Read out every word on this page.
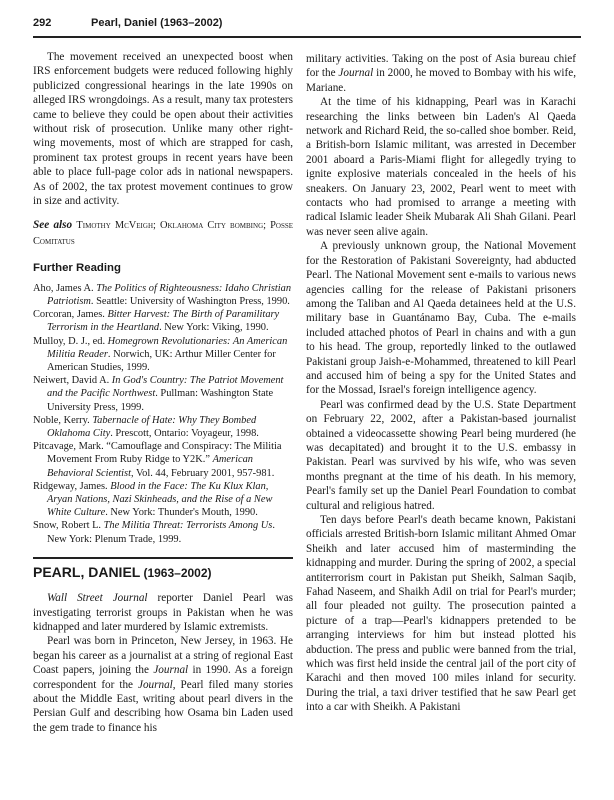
292	Pearl, Daniel (1963–2002)

The movement received an unexpected boost when IRS enforcement budgets were reduced following highly publicized congressional hearings in the late 1990s on alleged IRS wrongdoings. As a result, many tax protesters came to believe they could be open about their activities without risk of prosecution. Unlike many other right-wing movements, most of which are strapped for cash, prominent tax protest groups in recent years have been able to place full-page color ads in national newspapers. As of 2002, the tax protest movement continues to grow in size and activity.

See also Timothy McVeigh; Oklahoma City bombing; Posse Comitatus

Further Reading
Aho, James A. The Politics of Righteousness: Idaho Christian Patriotism. Seattle: University of Washington Press, 1990.
Corcoran, James. Bitter Harvest: The Birth of Paramilitary Terrorism in the Heartland. New York: Viking, 1990.
Mulloy, D. J., ed. Homegrown Revolutionaries: An American Militia Reader. Norwich, UK: Arthur Miller Center for American Studies, 1999.
Neiwert, David A. In God's Country: The Patriot Movement and the Pacific Northwest. Pullman: Washington State University Press, 1999.
Noble, Kerry. Tabernacle of Hate: Why They Bombed Oklahoma City. Prescott, Ontario: Voyageur, 1998.
Pitcavage, Mark. “Camouflage and Conspiracy: The Militia Movement From Ruby Ridge to Y2K.” American Behavioral Scientist, Vol. 44, February 2001, 957-981.
Ridgeway, James. Blood in the Face: The Ku Klux Klan, Aryan Nations, Nazi Skinheads, and the Rise of a New White Culture. New York: Thunder's Mouth, 1990.
Snow, Robert L. The Militia Threat: Terrorists Among Us. New York: Plenum Trade, 1999.
PEARL, DANIEL (1963–2002)

Wall Street Journal reporter Daniel Pearl was investigating terrorist groups in Pakistan when he was kidnapped and later murdered by Islamic extremists.

Pearl was born in Princeton, New Jersey, in 1963. He began his career as a journalist at a string of regional East Coast papers, joining the Journal in 1990. As a foreign correspondent for the Journal, Pearl filed many stories about the Middle East, writing about pearl divers in the Persian Gulf and describing how Osama bin Laden used the gem trade to finance his

military activities. Taking on the post of Asia bureau chief for the Journal in 2000, he moved to Bombay with his wife, Mariane.

At the time of his kidnapping, Pearl was in Karachi researching the links between bin Laden's Al Qaeda network and Richard Reid, the so-called shoe bomber. Reid, a British-born Islamic militant, was arrested in December 2001 aboard a Paris-Miami flight for allegedly trying to ignite explosive materials concealed in the heels of his sneakers. On January 23, 2002, Pearl went to meet with contacts who had promised to arrange a meeting with radical Islamic leader Sheik Mubarak Ali Shah Gilani. Pearl was never seen alive again.

A previously unknown group, the National Movement for the Restoration of Pakistani Sovereignty, had abducted Pearl. The National Movement sent e-mails to various news agencies calling for the release of Pakistani prisoners among the Taliban and Al Qaeda detainees held at the U.S. military base in Guantánamo Bay, Cuba. The e-mails included attached photos of Pearl in chains and with a gun to his head. The group, reportedly linked to the outlawed Pakistani group Jaish-e-Mohammed, threatened to kill Pearl and accused him of being a spy for the United States and for the Mossad, Israel's foreign intelligence agency.

Pearl was confirmed dead by the U.S. State Department on February 22, 2002, after a Pakistan-based journalist obtained a videocassette showing Pearl being murdered (he was decapitated) and brought it to the U.S. embassy in Pakistan. Pearl was survived by his wife, who was seven months pregnant at the time of his death. In his memory, Pearl's family set up the Daniel Pearl Foundation to combat cultural and religious hatred.

Ten days before Pearl's death became known, Pakistani officials arrested British-born Islamic militant Ahmed Omar Sheikh and later accused him of masterminding the kidnapping and murder. During the spring of 2002, a special antiterrorism court in Pakistan put Sheikh, Salman Saqib, Fahad Naseem, and Shaikh Adil on trial for Pearl's murder; all four pleaded not guilty. The prosecution painted a picture of a trap—Pearl's kidnappers pretended to be arranging interviews for him but instead plotted his abduction. The press and public were banned from the trial, which was first held inside the central jail of the port city of Karachi and then moved 100 miles inland for security. During the trial, a taxi driver testified that he saw Pearl get into a car with Sheikh. A Pakistani
